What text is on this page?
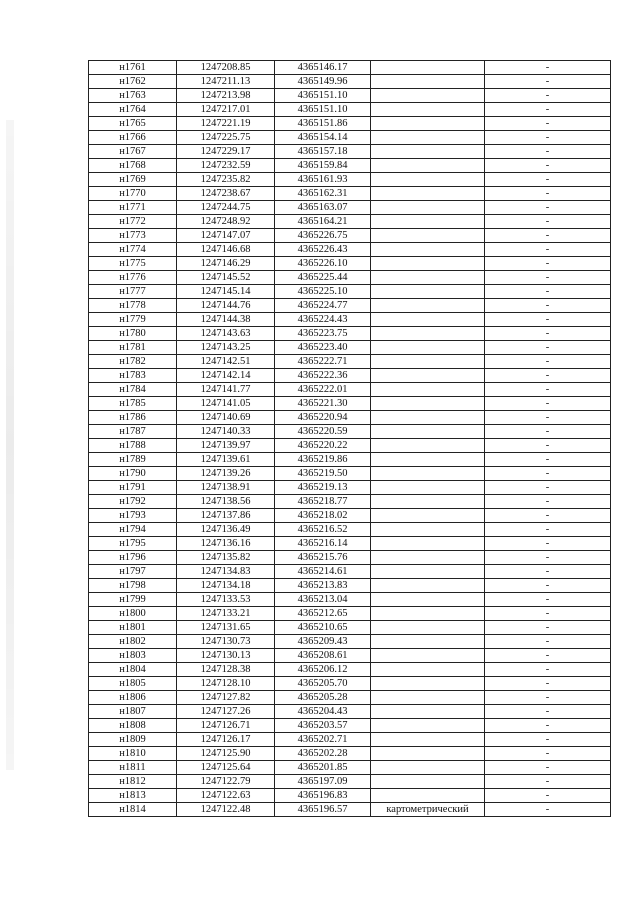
н1761	1247208.85	4365146.17		-
н1762	1247211.13	4365149.96		-
н1763	1247213.98	4365151.10		-
н1764	1247217.01	4365151.10		-
н1765	1247221.19	4365151.86		-
н1766	1247225.75	4365154.14		-
н1767	1247229.17	4365157.18		-
н1768	1247232.59	4365159.84		-
н1769	1247235.82	4365161.93		-
н1770	1247238.67	4365162.31		-
н1771	1247244.75	4365163.07		-
н1772	1247248.92	4365164.21		-
н1773	1247147.07	4365226.75		-
н1774	1247146.68	4365226.43		-
н1775	1247146.29	4365226.10		-
н1776	1247145.52	4365225.44		-
н1777	1247145.14	4365225.10		-
н1778	1247144.76	4365224.77		-
н1779	1247144.38	4365224.43		-
н1780	1247143.63	4365223.75		-
н1781	1247143.25	4365223.40		-
н1782	1247142.51	4365222.71		-
н1783	1247142.14	4365222.36		-
н1784	1247141.77	4365222.01		-
н1785	1247141.05	4365221.30		-
н1786	1247140.69	4365220.94		-
н1787	1247140.33	4365220.59		-
н1788	1247139.97	4365220.22		-
н1789	1247139.61	4365219.86		-
н1790	1247139.26	4365219.50		-
н1791	1247138.91	4365219.13		-
н1792	1247138.56	4365218.77		-
н1793	1247137.86	4365218.02		-
н1794	1247136.49	4365216.52		-
н1795	1247136.16	4365216.14		-
н1796	1247135.82	4365215.76		-
н1797	1247134.83	4365214.61		-
н1798	1247134.18	4365213.83		-
н1799	1247133.53	4365213.04		-
н1800	1247133.21	4365212.65		-
н1801	1247131.65	4365210.65		-
н1802	1247130.73	4365209.43		-
н1803	1247130.13	4365208.61		-
н1804	1247128.38	4365206.12		-
н1805	1247128.10	4365205.70		-
н1806	1247127.82	4365205.28		-
н1807	1247127.26	4365204.43		-
н1808	1247126.71	4365203.57		-
н1809	1247126.17	4365202.71		-
н1810	1247125.90	4365202.28		-
н1811	1247125.64	4365201.85		-
н1812	1247122.79	4365197.09		-
н1813	1247122.63	4365196.83		-
н1814	1247122.48	4365196.57	картометрический	-
